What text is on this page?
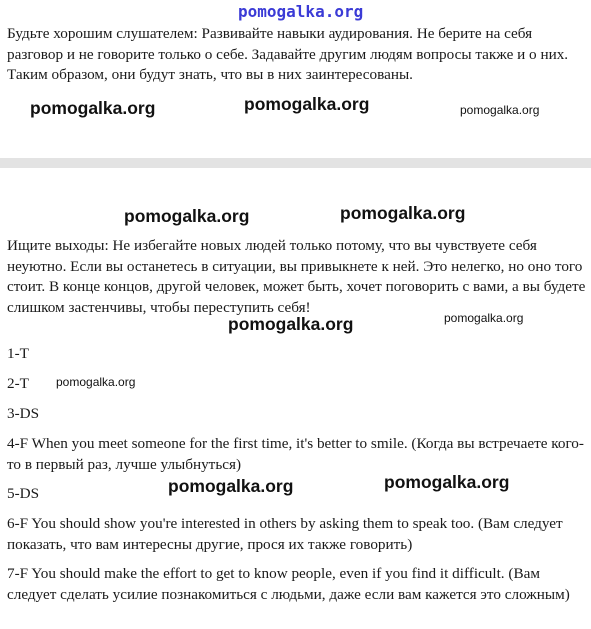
pomogalka.org

Будьте хорошим слушателем: Развивайте навыки аудирования. Не берите на себя разговор и не говорите только о себе. Задавайте другим людям вопросы также и о них. Таким образом, они будут знать, что вы в них заинтересованы.

pomogalka.org	pomogalka.org	pomogalka.org
pomogalka.org	pomogalka.org

Ищите выходы: Не избегайте новых людей только потому, что вы чувствуете себя неуютно. Если вы останетесь в ситуации, вы привыкнете к ней. Это нелегко, но оно того стоит. В конце концов, другой человек, может быть, хочет поговорить с вами, а вы будете слишком застенчивы, чтобы переступить себя!

pomogalka.org	pomogalka.org

1-T

2-T	pomogalka.org

3-DS

4-F When you meet someone for the first time, it's better to smile. (Когда вы встречаете кого-то в первый раз, лучше улыбнуться)

5-DS	pomogalka.org	pomogalka.org

6-F You should show you're interested in others by asking them to speak too. (Вам следует показать, что вам интересны другие, прося их также говорить)

7-F You should make the effort to get to know people, even if you find it difficult. (Вам следует сделать усилие познакомиться с людьми, даже если вам кажется это сложным)
